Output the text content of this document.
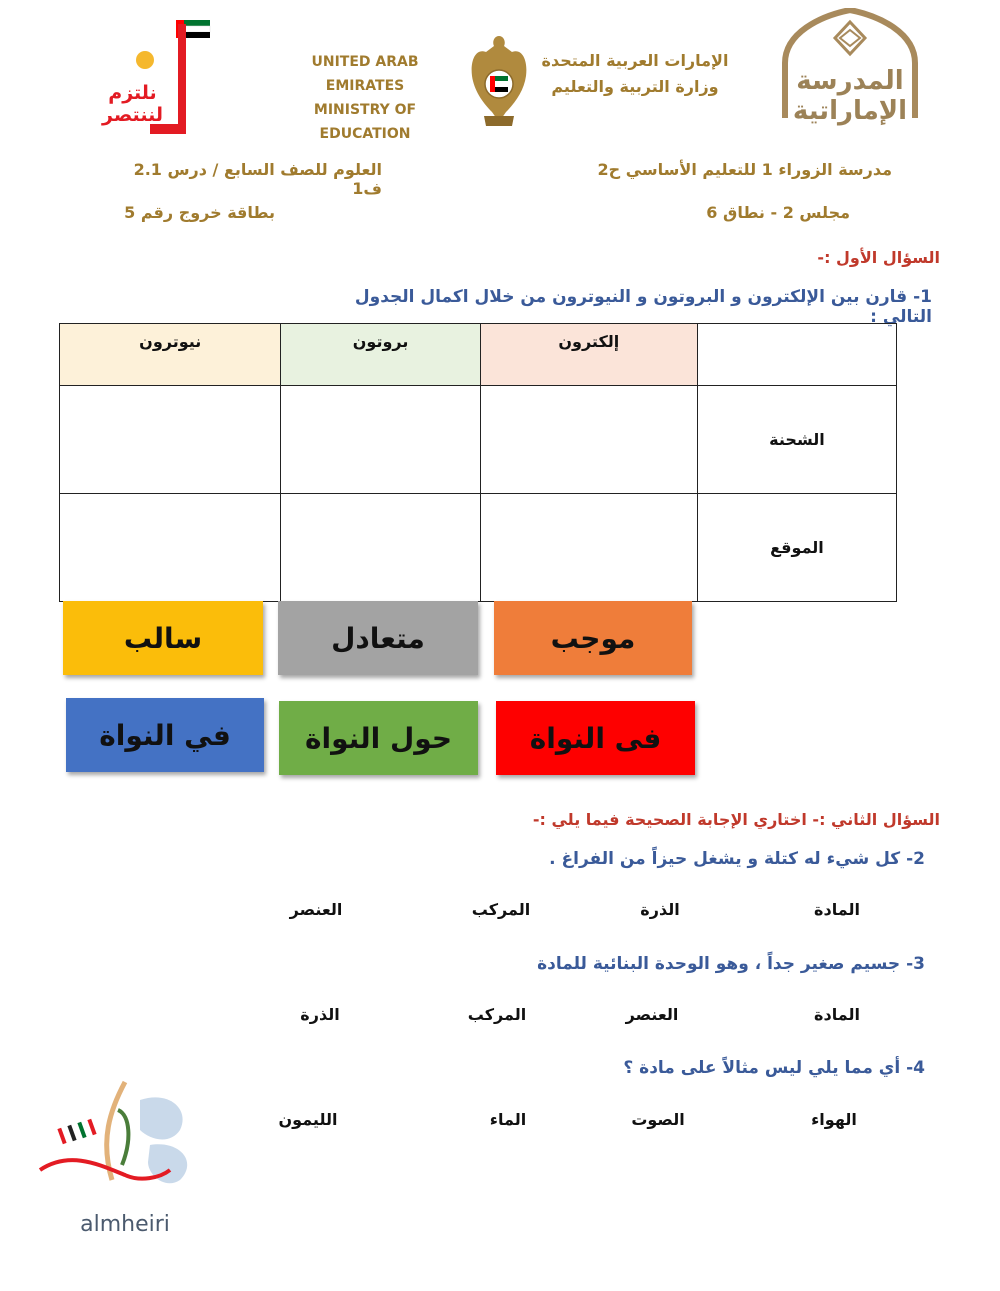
نلتزم لننتصر
UNITED ARAB EMIRATES
MINISTRY OF EDUCATION
الإمارات العربية المتحدة
وزارة التربية والتعليم	المدرسة الإماراتية
مدرسة الزوراء 1 للتعليم الأساسي ح2
العلوم للصف السابع / درس 2.1 ف1
مجلس 2 - نطاق 6
بطاقة خروج رقم 5
السؤال الأول :-
1- قارن بين الإلكترون و البروتون و النيوترون من خلال اكمال الجدول التالي :
نيوترون	بروتون	إلكترون	
			الشحنة
			الموقع
سالب	متعادل	موجب
في النواة	حول النواة	فى النواة
السؤال الثاني :- اختاري الإجابة الصحيحة فيما يلي :-
2- كل شيء له كتلة و يشغل حيزاً من الفراغ .
المادة
الذرة
المركب
العنصر
3- جسيم صغير جداً ، وهو الوحدة البنائية للمادة
المادة
العنصر
المركب
الذرة
4- أي مما يلي ليس مثالاً على مادة ؟
الهواء
الصوت
الماء
الليمون
almheiri
